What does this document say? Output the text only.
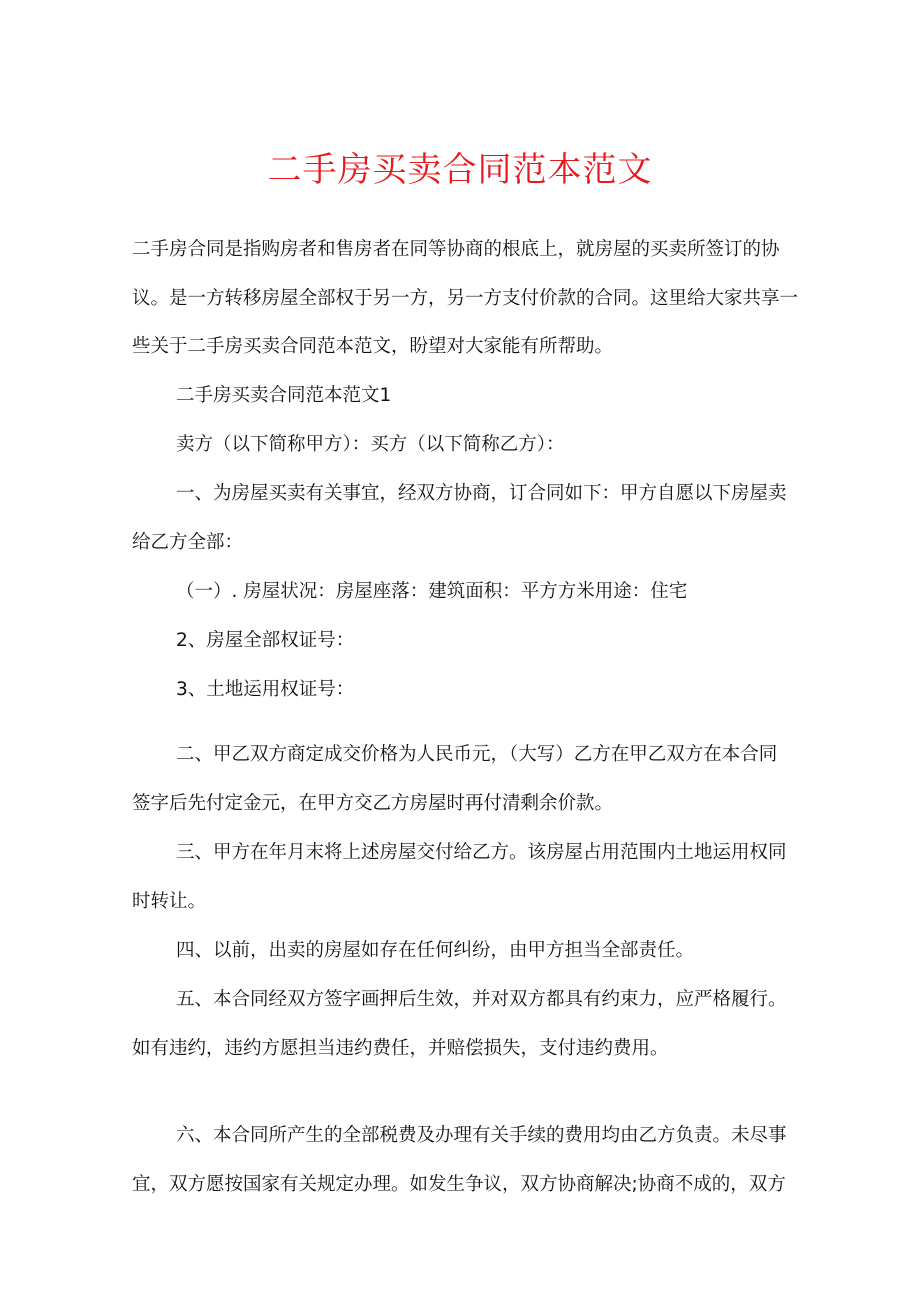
二手房买卖合同范本范文

二手房合同是指购房者和售房者在同等协商的根底上，就房屋的买卖所签订的协议。是一方转移房屋全部权于另一方，另一方支付价款的合同。这里给大家共享一些关于二手房买卖合同范本范文，盼望对大家能有所帮助。

二手房买卖合同范本范文1

卖方（以下简称甲方）：买方（以下简称乙方）：

一、为房屋买卖有关事宜，经双方协商，订合同如下：甲方自愿以下房屋卖

给乙方全部：

（一）. 房屋状况：房屋座落：建筑面积：平方方米用途：住宅

2、房屋全部权证号：

3、土地运用权证号：

二、甲乙双方商定成交价格为人民币元，（大写）乙方在甲乙双方在本合同

签字后先付定金元，在甲方交乙方房屋时再付清剩余价款。

三、甲方在年月末将上述房屋交付给乙方。该房屋占用范围内土地运用权同

时转让。

四、以前，出卖的房屋如存在任何纠纷，由甲方担当全部责任。

五、本合同经双方签字画押后生效，并对双方都具有约束力，应严格履行。

如有违约，违约方愿担当违约费任，并赔偿损失，支付违约费用。

六、本合同所产生的全部税费及办理有关手续的费用均由乙方负责。未尽事

宜，双方愿按国家有关规定办理。如发生争议，双方协商解决;协商不成的，双方
